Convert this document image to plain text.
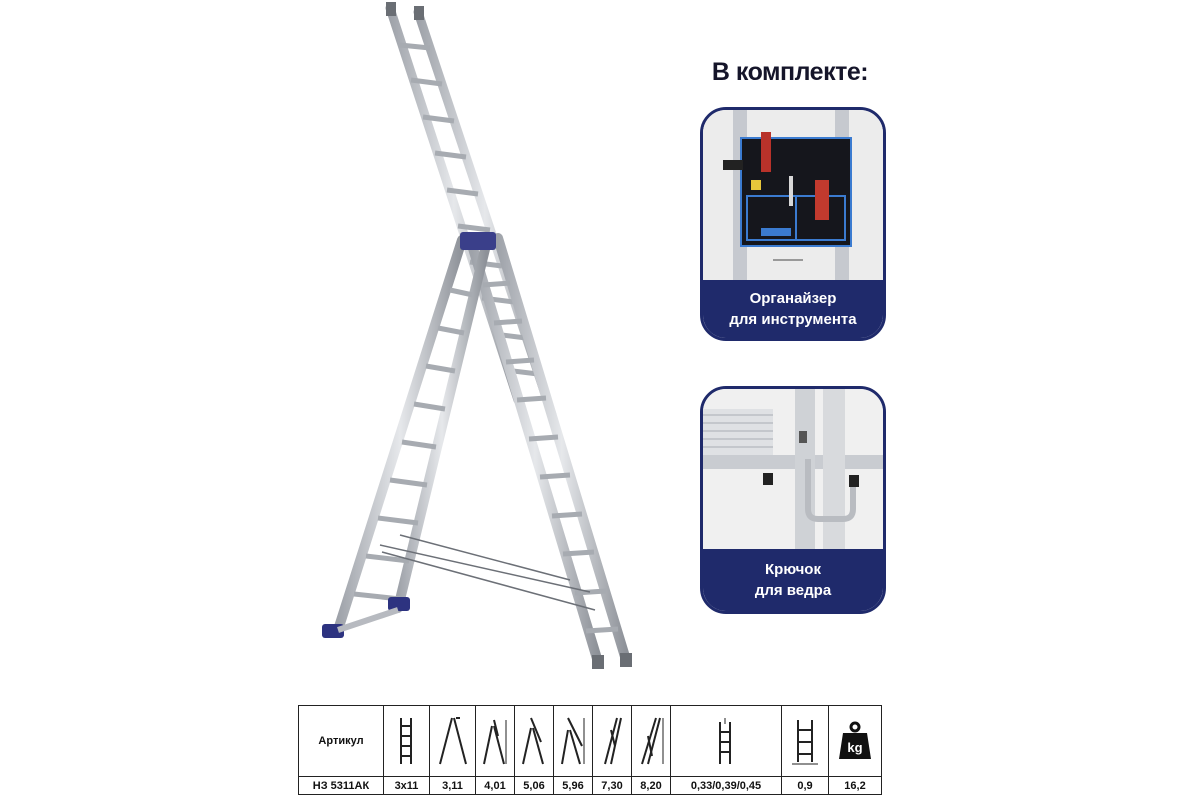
В комплекте:
Органайзер
для инструмента
Крючок
для ведра
Артикул										kg

НЗ 5311АК	3х11	3,11	4,01	5,06	5,96	7,30	8,20	0,33/0,39/0,45	0,9	16,2
